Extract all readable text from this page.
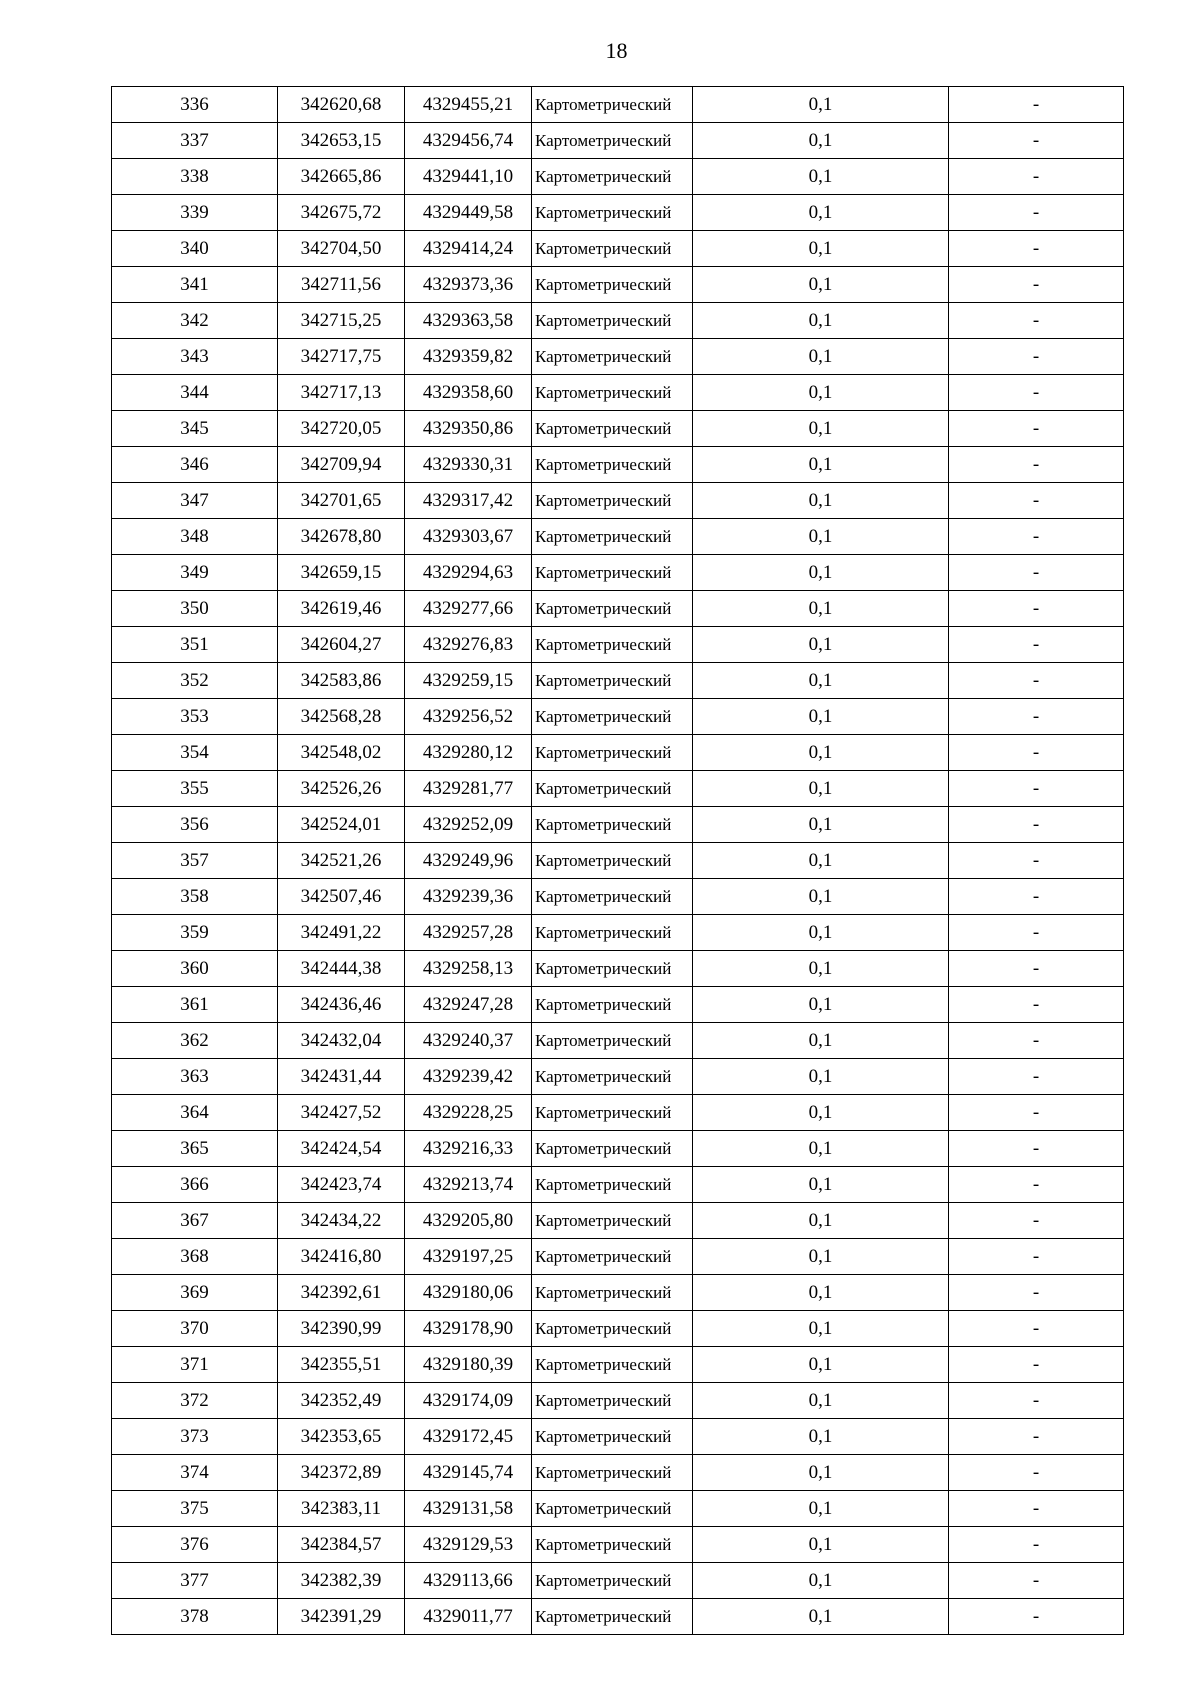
18
336	342620,68	4329455,21	Картометрический	0,1	-
337	342653,15	4329456,74	Картометрический	0,1	-
338	342665,86	4329441,10	Картометрический	0,1	-
339	342675,72	4329449,58	Картометрический	0,1	-
340	342704,50	4329414,24	Картометрический	0,1	-
341	342711,56	4329373,36	Картометрический	0,1	-
342	342715,25	4329363,58	Картометрический	0,1	-
343	342717,75	4329359,82	Картометрический	0,1	-
344	342717,13	4329358,60	Картометрический	0,1	-
345	342720,05	4329350,86	Картометрический	0,1	-
346	342709,94	4329330,31	Картометрический	0,1	-
347	342701,65	4329317,42	Картометрический	0,1	-
348	342678,80	4329303,67	Картометрический	0,1	-
349	342659,15	4329294,63	Картометрический	0,1	-
350	342619,46	4329277,66	Картометрический	0,1	-
351	342604,27	4329276,83	Картометрический	0,1	-
352	342583,86	4329259,15	Картометрический	0,1	-
353	342568,28	4329256,52	Картометрический	0,1	-
354	342548,02	4329280,12	Картометрический	0,1	-
355	342526,26	4329281,77	Картометрический	0,1	-
356	342524,01	4329252,09	Картометрический	0,1	-
357	342521,26	4329249,96	Картометрический	0,1	-
358	342507,46	4329239,36	Картометрический	0,1	-
359	342491,22	4329257,28	Картометрический	0,1	-
360	342444,38	4329258,13	Картометрический	0,1	-
361	342436,46	4329247,28	Картометрический	0,1	-
362	342432,04	4329240,37	Картометрический	0,1	-
363	342431,44	4329239,42	Картометрический	0,1	-
364	342427,52	4329228,25	Картометрический	0,1	-
365	342424,54	4329216,33	Картометрический	0,1	-
366	342423,74	4329213,74	Картометрический	0,1	-
367	342434,22	4329205,80	Картометрический	0,1	-
368	342416,80	4329197,25	Картометрический	0,1	-
369	342392,61	4329180,06	Картометрический	0,1	-
370	342390,99	4329178,90	Картометрический	0,1	-
371	342355,51	4329180,39	Картометрический	0,1	-
372	342352,49	4329174,09	Картометрический	0,1	-
373	342353,65	4329172,45	Картометрический	0,1	-
374	342372,89	4329145,74	Картометрический	0,1	-
375	342383,11	4329131,58	Картометрический	0,1	-
376	342384,57	4329129,53	Картометрический	0,1	-
377	342382,39	4329113,66	Картометрический	0,1	-
378	342391,29	4329011,77	Картометрический	0,1	-
